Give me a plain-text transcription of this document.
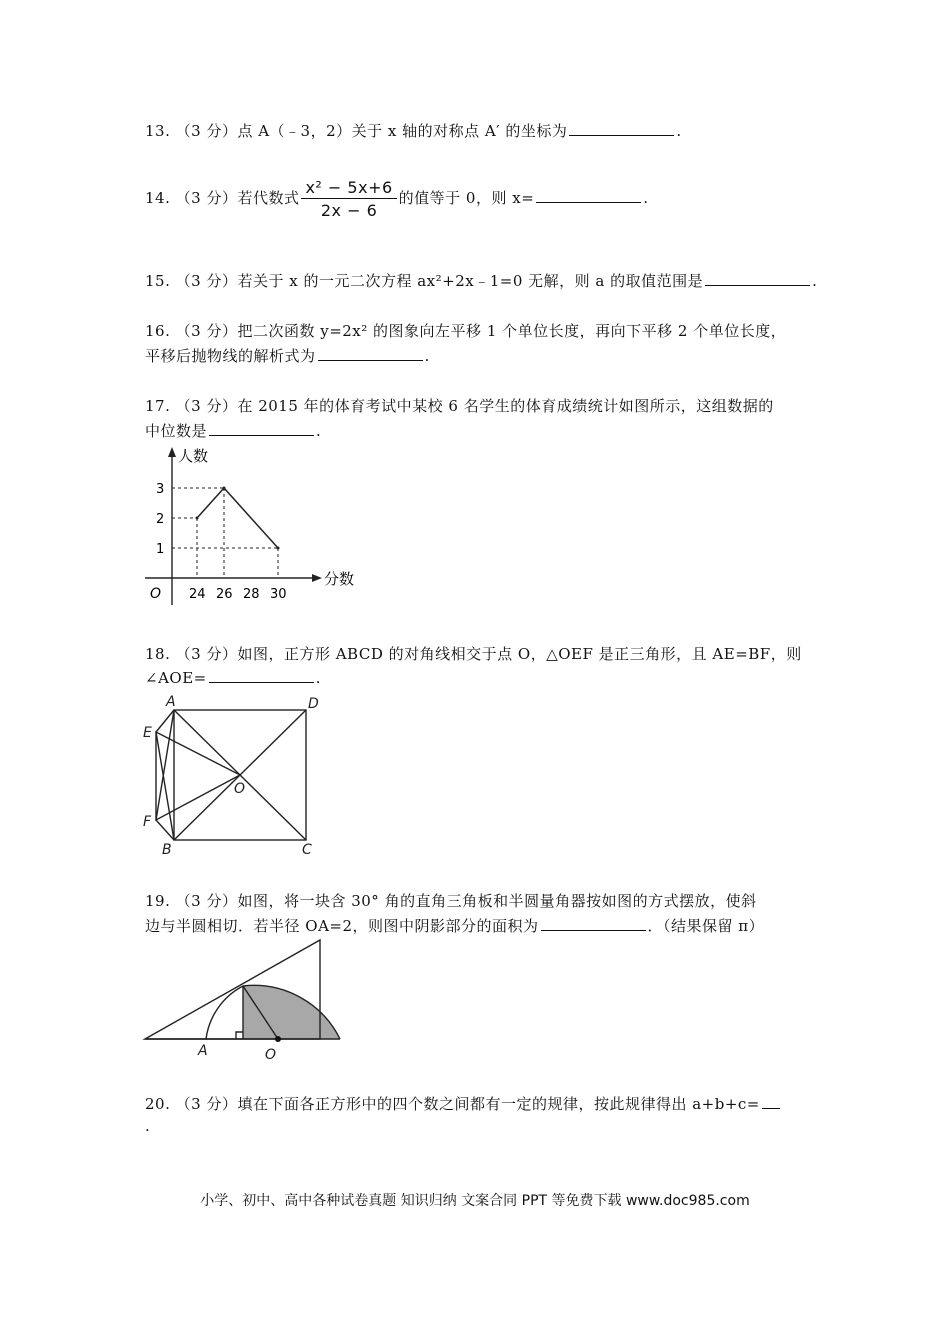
13. （3 分）点 A（﹣3，2）关于 x 轴的对称点 A′ 的坐标为	.
14. （3 分）若代数式 $\frac{\text{x² − 5x+6}}{2x - 6}$ 的值等于 0，则 x=	.
15. （3 分）若关于 x 的一元二次方程 ax²+2x﹣1=0 无解，则 a 的取值范围是	.
16. （3 分）把二次函数 y=2x² 的图象向左平移 1 个单位长度，再向下平移 2 个单位长度，
平移后抛物线的解析式为	.
17. （3 分）在 2015 年的体育考试中某校 6 名学生的体育成绩统计如图所示，这组数据的
中位数是	.
人数
分数
O
1
2
3
24 26 28 30
18. （3 分）如图，正方形 ABCD 的对角线相交于点 O，△OEF 是正三角形，且 AE=BF，则
∠AOE=	.
A	D
E
F
B	C
O
19. （3 分）如图，将一块含 30° 角的直角三角板和半圆量角器按如图的方式摆放，使斜
边与半圆相切．若半径 OA=2，则图中阴影部分的面积为	．（结果保留 π）
A	O
20. （3 分）填在下面各正方形中的四个数之间都有一定的规律，按此规律得出 a+b+c=
.
小学、初中、高中各种试卷真题 知识归纳 文案合同 PPT 等免费下载 www.doc985.com
